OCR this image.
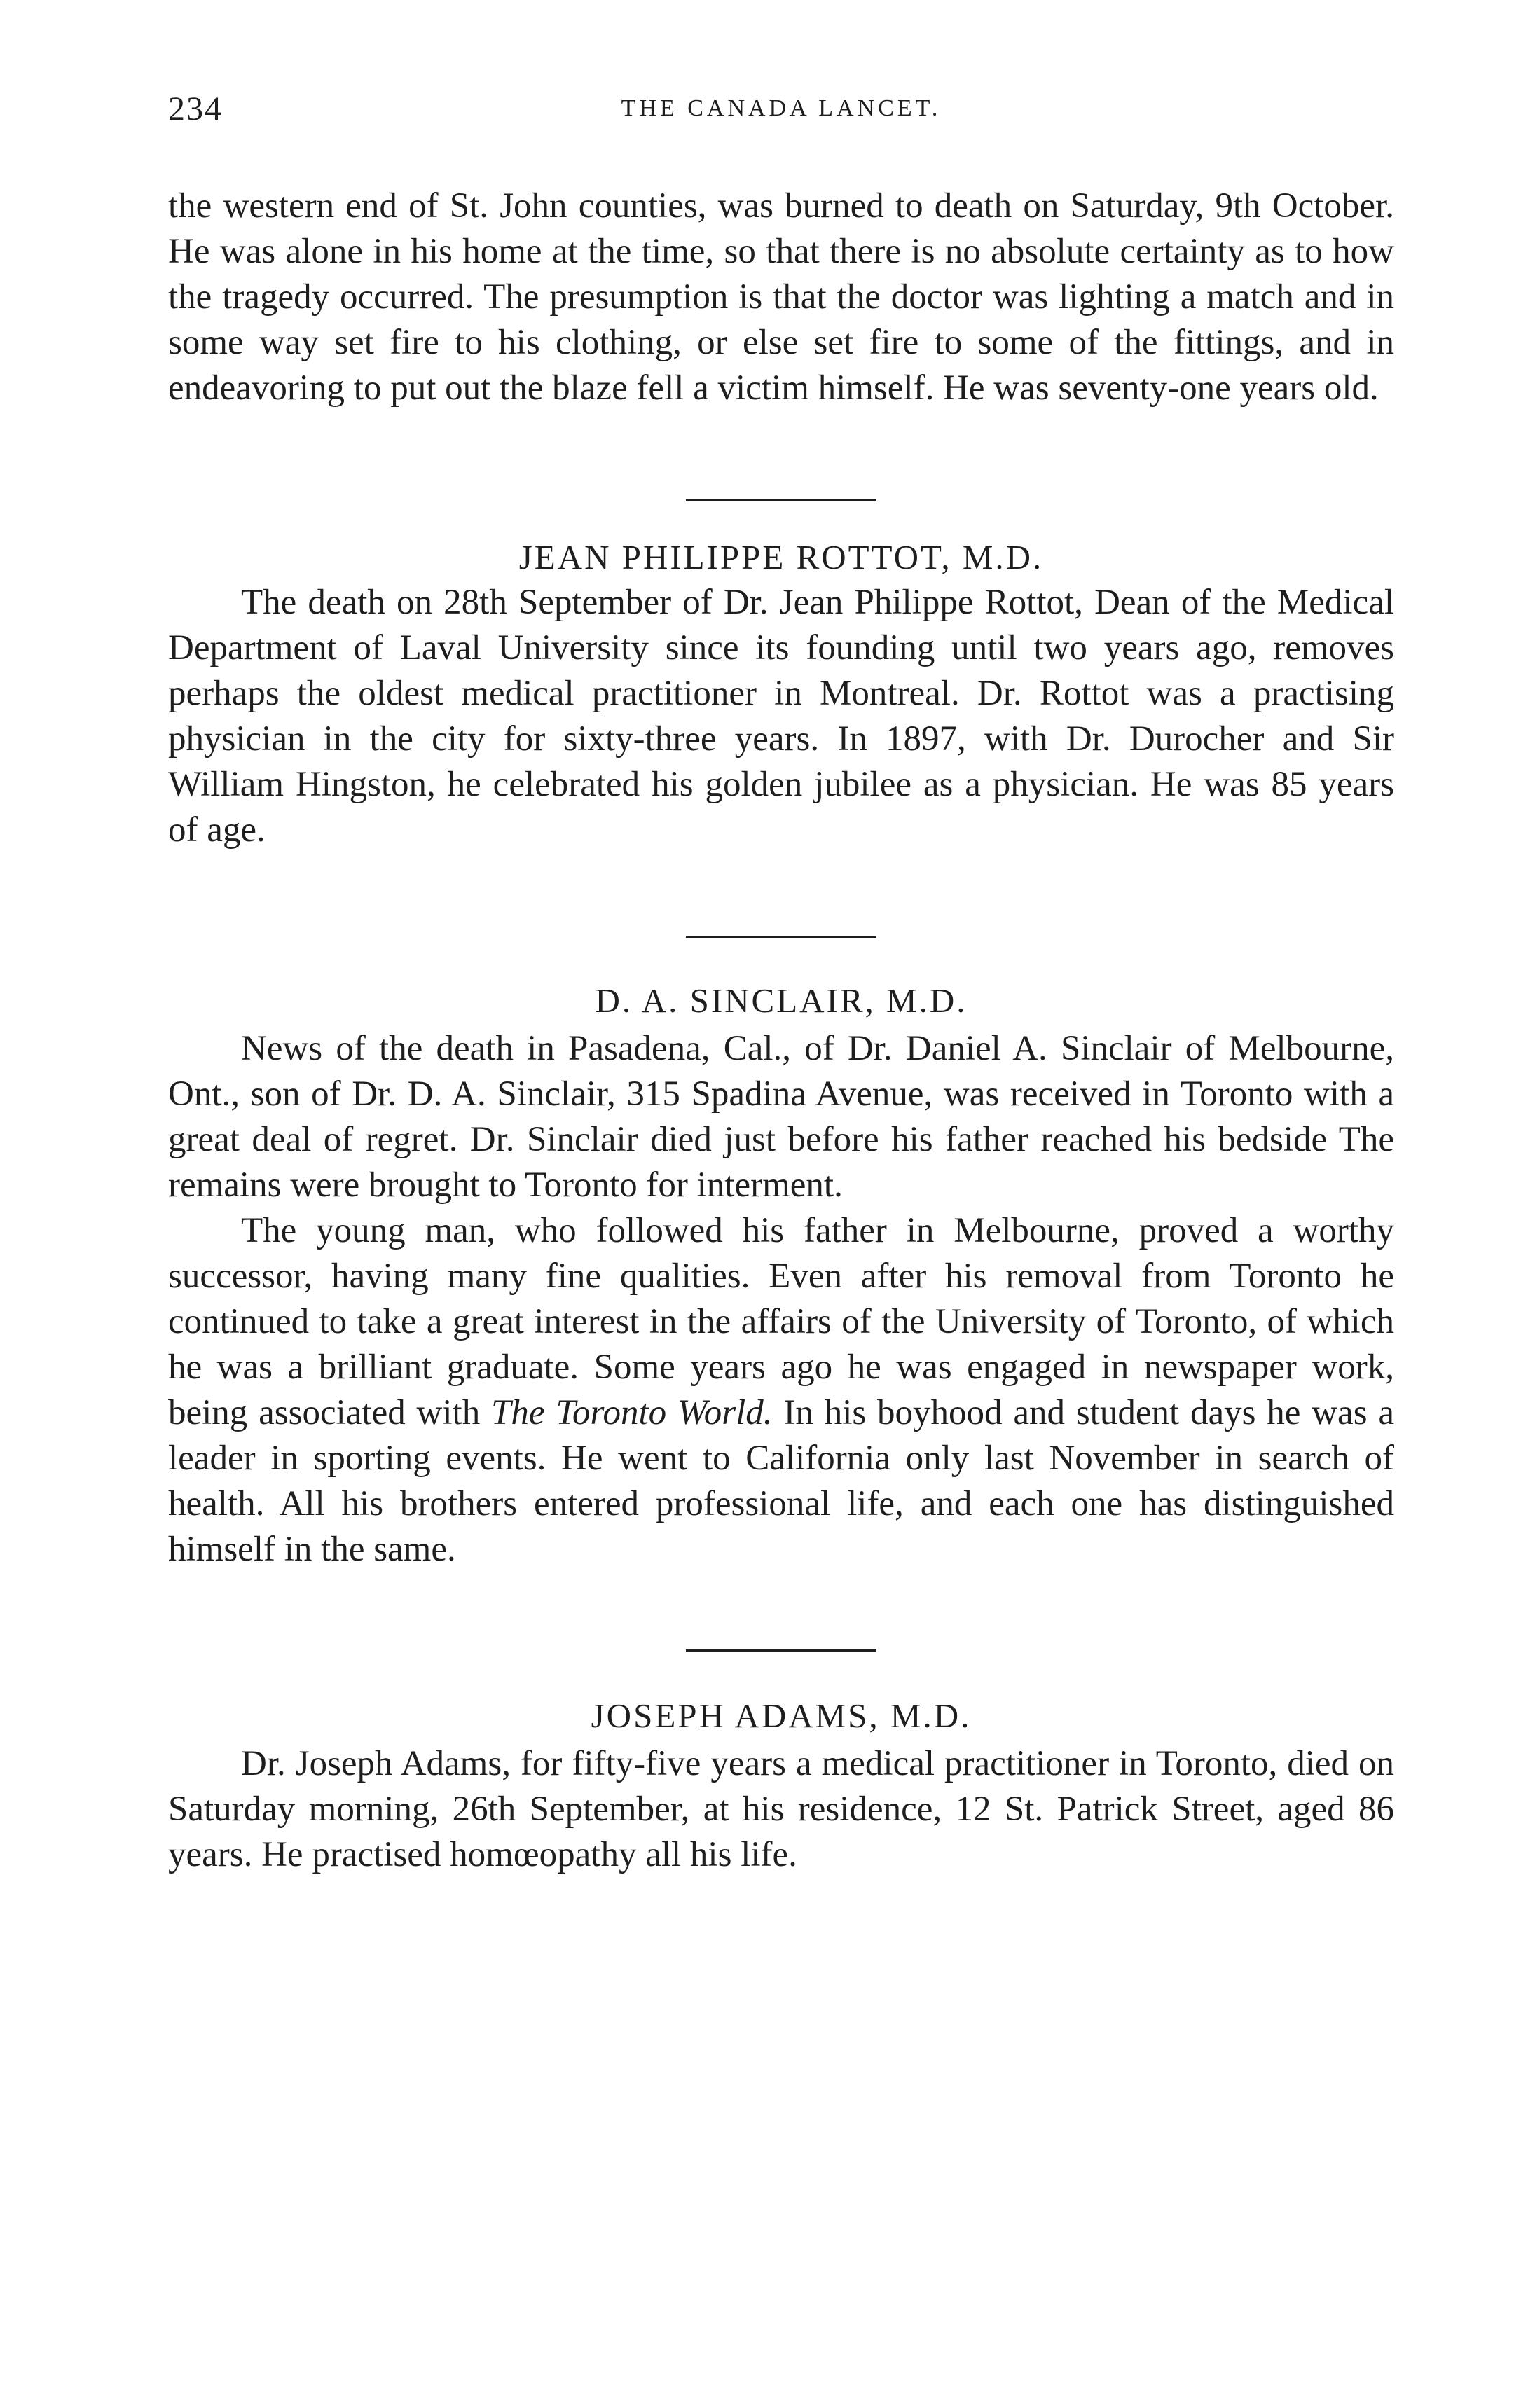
234	THE CANADA LANCET.

the western end of St. John counties, was burned to death on Saturday, 9th October. He was alone in his home at the time, so that there is no absolute certainty as to how the tragedy occurred. The presumption is that the doctor was lighting a match and in some way set fire to his clothing, or else set fire to some of the fittings, and in endeavoring to put out the blaze fell a victim himself. He was seventy-one years old.

JEAN PHILIPPE ROTTOT, M.D.

The death on 28th September of Dr. Jean Philippe Rottot, Dean of the Medical Department of Laval University since its founding until two years ago, removes perhaps the oldest medical practitioner in Montreal. Dr. Rottot was a practising physician in the city for sixty-three years. In 1897, with Dr. Durocher and Sir William Hingston, he celebrated his golden jubilee as a physician. He was 85 years of age.

D. A. SINCLAIR, M.D.

News of the death in Pasadena, Cal., of Dr. Daniel A. Sinclair of Melbourne, Ont., son of Dr. D. A. Sinclair, 315 Spadina Avenue, was received in Toronto with a great deal of regret. Dr. Sinclair died just before his father reached his bedside The remains were brought to Toronto for interment.

The young man, who followed his father in Melbourne, proved a worthy successor, having many fine qualities. Even after his removal from Toronto he continued to take a great interest in the affairs of the University of Toronto, of which he was a brilliant graduate. Some years ago he was engaged in newspaper work, being associated with The Toronto World. In his boyhood and student days he was a leader in sporting events. He went to California only last November in search of health. All his brothers entered professional life, and each one has distinguished himself in the same.

JOSEPH ADAMS, M.D.

Dr. Joseph Adams, for fifty-five years a medical practitioner in Toronto, died on Saturday morning, 26th September, at his residence, 12 St. Patrick Street, aged 86 years. He practised homœopathy all his life.
